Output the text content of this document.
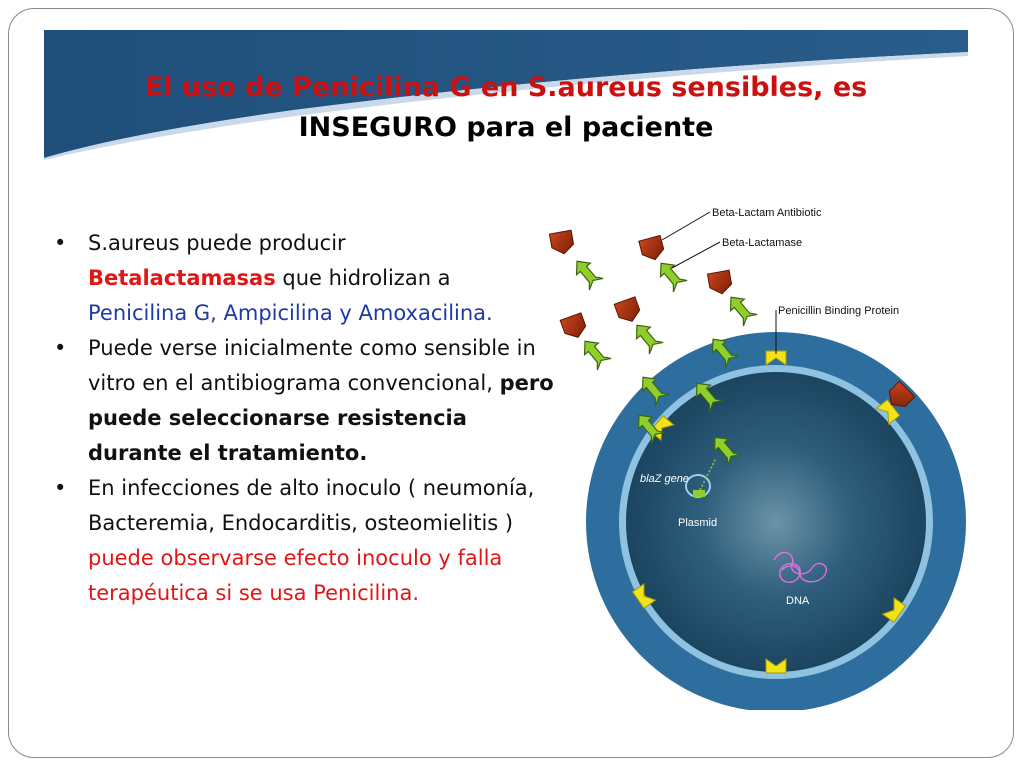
El uso de Penicilina G en S.aureus sensibles, es
INSEGURO para el paciente

• S.aureus puede producir
Betalactamasas que hidrolizan a
Penicilina G, Ampicilina y Amoxacilina.

• Puede verse inicialmente como sensible in vitro en el antibiograma convencional, pero puede seleccionarse resistencia durante el tratamiento.

• En infecciones de alto inoculo ( neumonía, Bacteremia, Endocarditis, osteomielitis ) puede observarse efecto inoculo y falla terapéutica si se usa Penicilina.

Beta-Lactam Antibiotic
Beta-Lactamase
Penicillin Binding Protein
blaZ gene
Plasmid
DNA
